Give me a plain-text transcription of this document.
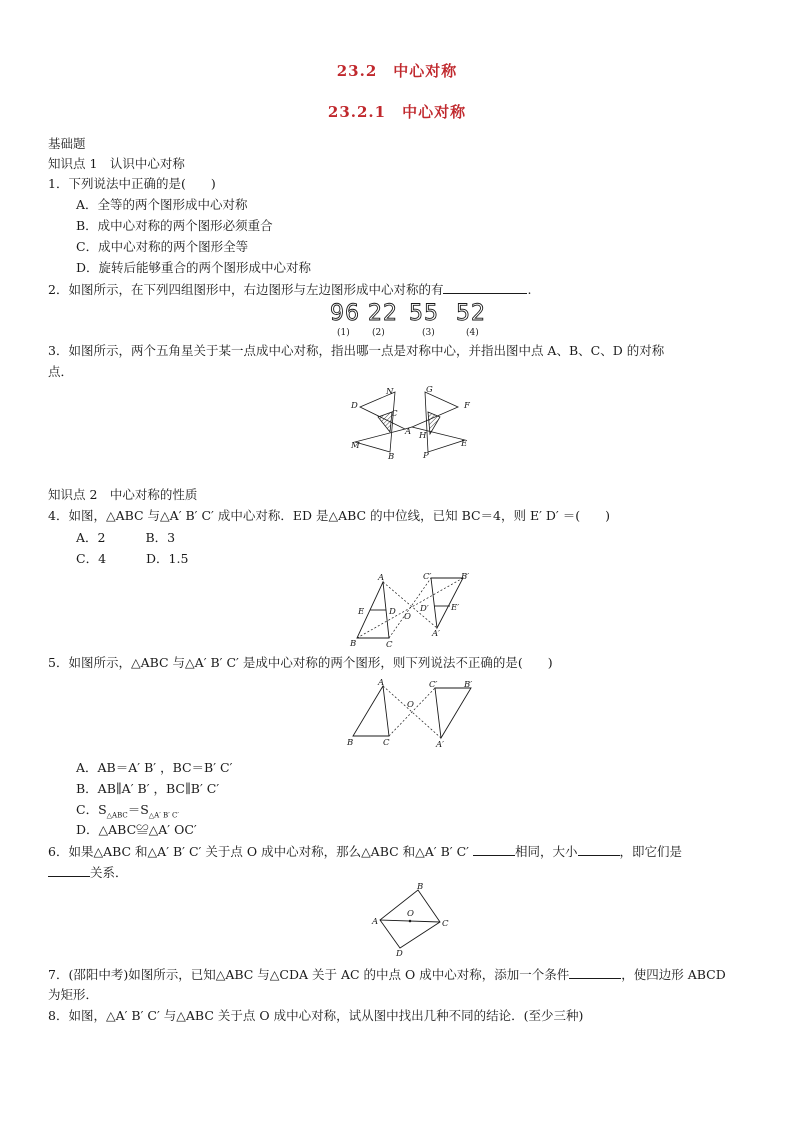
23.2　中心对称
23.2.1　中心对称
基础题
知识点 1　认识中心对称
1．下列说法中正确的是(　　)
A．全等的两个图形成中心对称
B．成中心对称的两个图形必须重合
C．成中心对称的两个图形全等
D．旋转后能够重合的两个图形成中心对称
2．如图所示，在下列四组图形中，右边图形与左边图形成中心对称的有	.
96 22 55 52
(1) (2)	(3)	(4)
3．如图所示，两个五角星关于某一点成中心对称，指出哪一点是对称中心，并指出图中点 A、B、C、D 的对称
点．
D
N
C
M
B
A
G
F
H
P
E
知识点 2　中心对称的性质
4．如图，△ABC 与△A′ B′ C′ 成中心对称．ED 是△ABC 的中位线，已知 BC＝4，则 E′ D′ ＝(　　)
A．2	B．3
C．4	D．1.5
A
E	D
B	C
O
C′	B′
D′	E′
A′
5．如图所示，△ABC 与△A′ B′ C′ 是成中心对称的两个图形，则下列说法不正确的是(　　)
A
B	C
O
C′	B′
A′
A．AB＝A′ B′ ，BC＝B′ C′
B．AB∥A′ B′ ，BC∥B′ C′
C．$S_{\triangle ABC}=S_{\triangle A' B' C'}$
D．△ABC≌△A′ OC′
6．如果△ABC 和△A′ B′ C′ 关于点 O 成中心对称，那么△ABC 和△A′ B′ C′	相同，大小	，即它们是
关系．
B
A
O
C
D
7．(邵阳中考)如图所示，已知△ABC 与△CDA 关于 AC 的中点 O 成中心对称，添加一个条件	，使四边形 ABCD
为矩形．
8．如图，△A′ B′ C′ 与△ABC 关于点 O 成中心对称，试从图中找出几种不同的结论．(至少三种)
